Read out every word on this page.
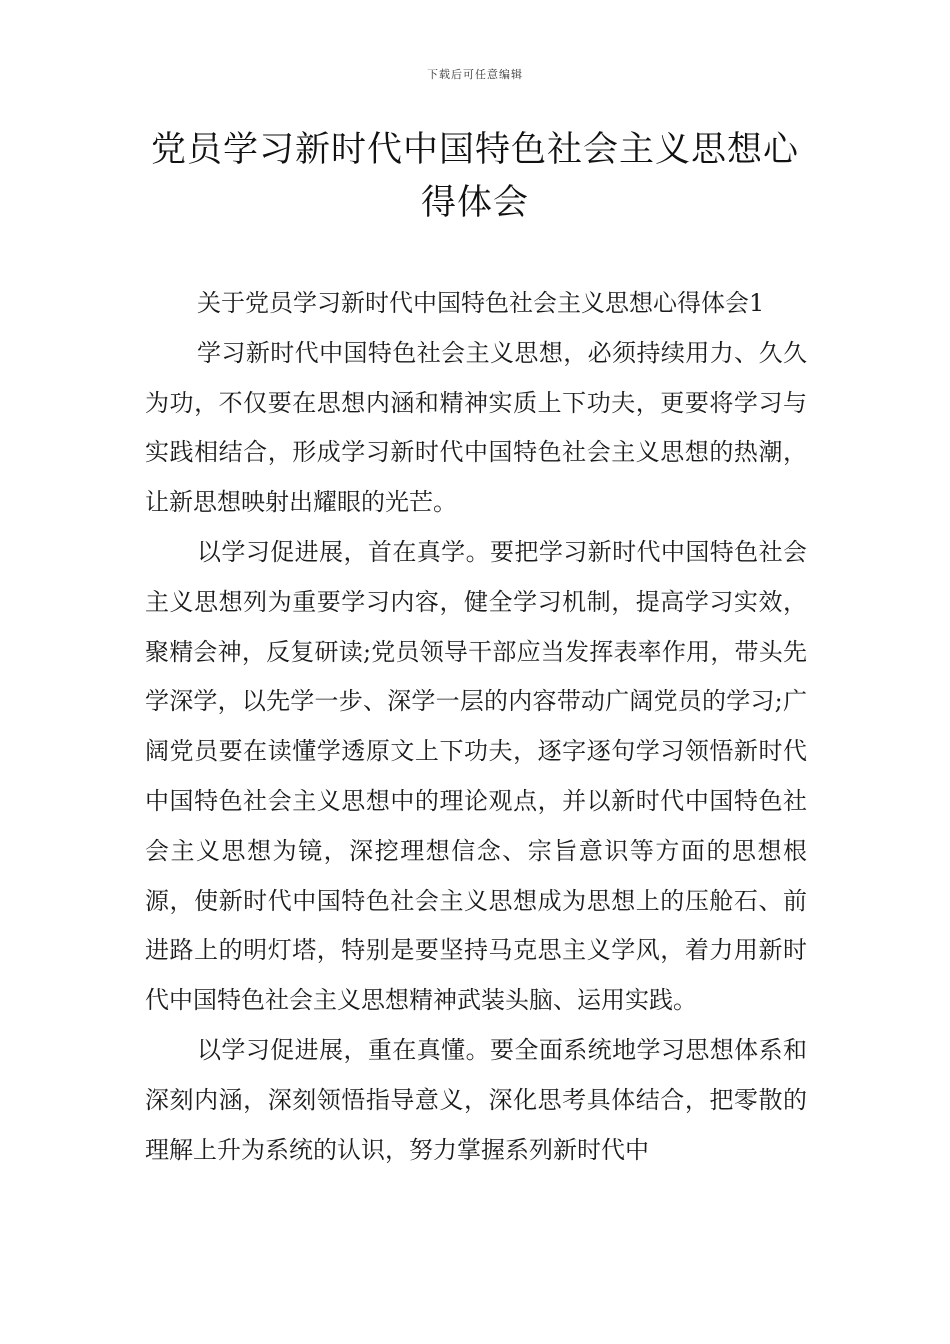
下载后可任意编辑
党员学习新时代中国特色社会主义思想心
得体会

关于党员学习新时代中国特色社会主义思想心得体会1

学习新时代中国特色社会主义思想，必须持续用力、久久为功，不仅要在思想内涵和精神实质上下功夫，更要将学习与实践相结合，形成学习新时代中国特色社会主义思想的热潮，让新思想映射出耀眼的光芒。

以学习促进展，首在真学。要把学习新时代中国特色社会主义思想列为重要学习内容，健全学习机制，提高学习实效，聚精会神，反复研读;党员领导干部应当发挥表率作用，带头先学深学，以先学一步、深学一层的内容带动广阔党员的学习;广阔党员要在读懂学透原文上下功夫，逐字逐句学习领悟新时代中国特色社会主义思想中的理论观点，并以新时代中国特色社会主义思想为镜，深挖理想信念、宗旨意识等方面的思想根源，使新时代中国特色社会主义思想成为思想上的压舱石、前进路上的明灯塔，特别是要坚持马克思主义学风，着力用新时代中国特色社会主义思想精神武装头脑、运用实践。

以学习促进展，重在真懂。要全面系统地学习思想体系和深刻内涵，深刻领悟指导意义，深化思考具体结合，把零散的理解上升为系统的认识，努力掌握系列新时代中
